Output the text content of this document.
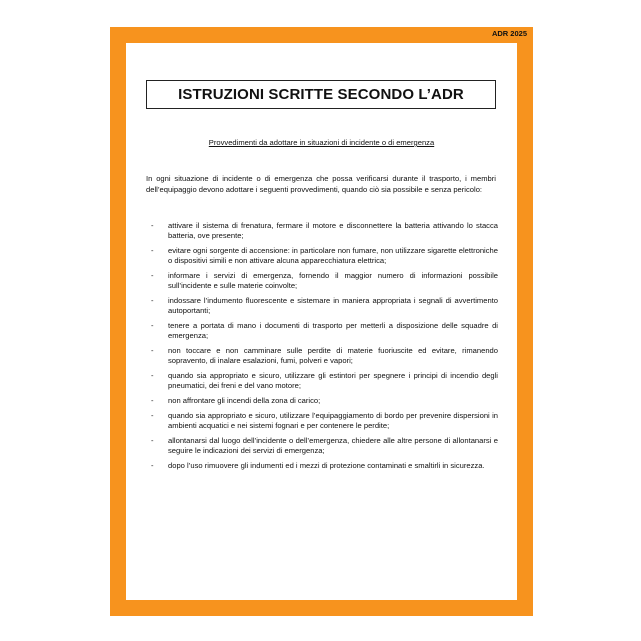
ADR 2025
ISTRUZIONI SCRITTE SECONDO L’ADR
Provvedimenti da adottare in situazioni di incidente o di emergenza
In ogni situazione di incidente o di emergenza che possa verificarsi durante il trasporto, i membri dell’equipaggio devono adottare i seguenti provvedimenti, quando ciò sia possibile e senza pericolo:
- attivare il sistema di frenatura, fermare il motore e disconnettere la batteria attivando lo stacca batteria, ove presente;
- evitare ogni sorgente di accensione: in particolare non fumare, non utilizzare sigarette elettroniche o dispositivi simili e non attivare alcuna apparecchiatura elettrica;
- informare i servizi di emergenza, fornendo il maggior numero di informazioni possibile sull’incidente e sulle materie coinvolte;
- indossare l’indumento fluorescente e sistemare in maniera appropriata i segnali di avvertimento autoportanti;
- tenere a portata di mano i documenti di trasporto per metterli a disposizione delle squadre di emergenza;
- non toccare e non camminare sulle perdite di materie fuoriuscite ed evitare, rimanendo sopravento, di inalare esalazioni, fumi, polveri e vapori;
- quando sia appropriato e sicuro, utilizzare gli estintori per spegnere i principi di incendio degli pneumatici, dei freni e del vano motore;
- non affrontare gli incendi della zona di carico;
- quando sia appropriato e sicuro, utilizzare l’equipaggiamento di bordo per prevenire dispersioni in ambienti acquatici e nei sistemi fognari e per contenere le perdite;
- allontanarsi dal luogo dell’incidente o dell’emergenza, chiedere alle altre persone di allontanarsi e seguire le indicazioni dei servizi di emergenza;
- dopo l’uso rimuovere gli indumenti ed i mezzi di protezione contaminati e smaltirli in sicurezza.
